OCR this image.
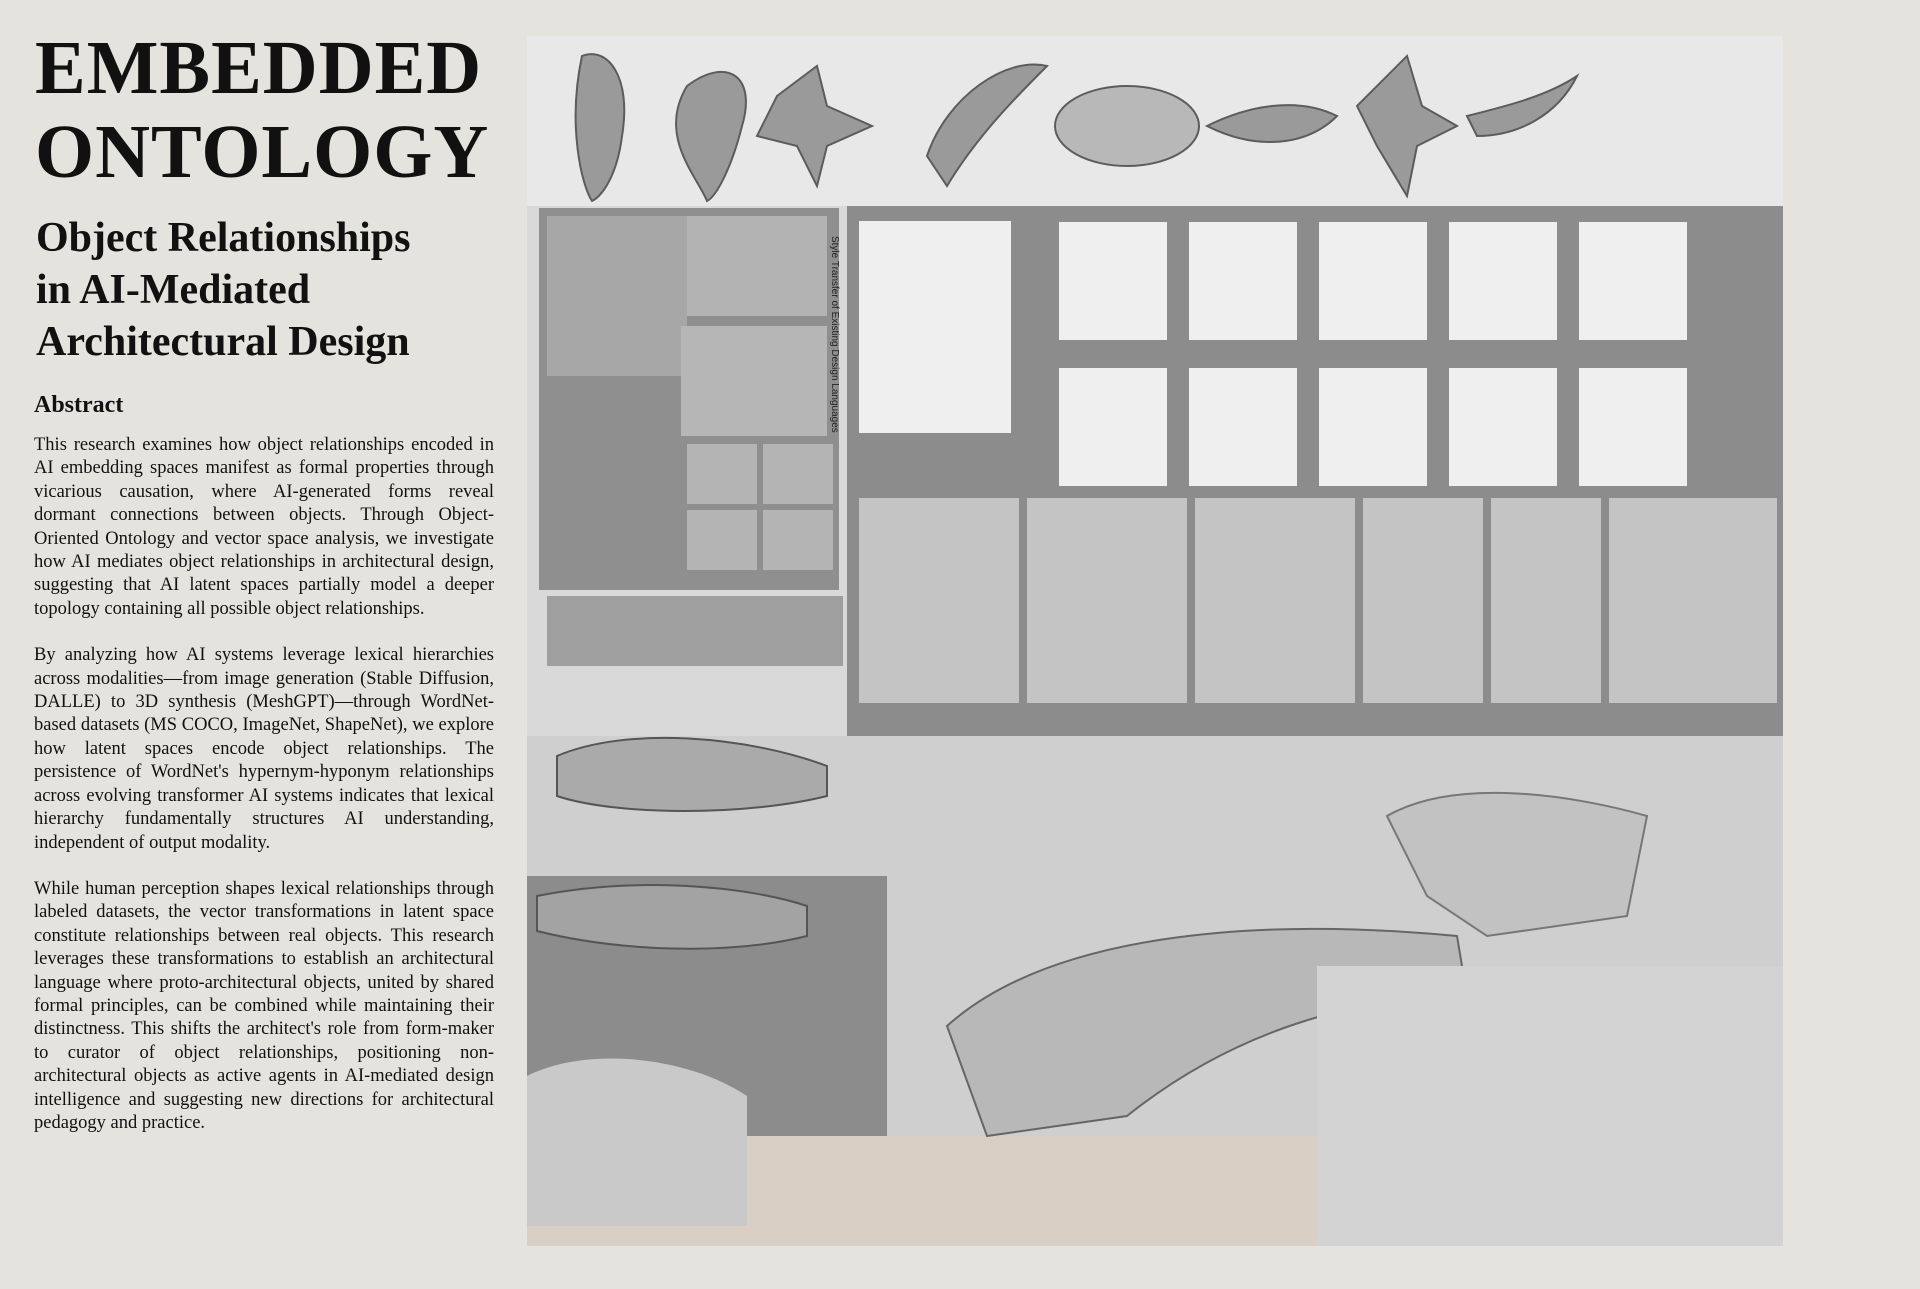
EMBEDDED
ONTOLOGY
Object Relationships
in AI-Mediated
Architectural Design
Abstract

This research examines how object relationships encoded in AI embedding spaces manifest as formal properties through vicarious causation, where AI-generated forms reveal dormant connections between objects. Through Object-Oriented Ontology and vector space analysis, we investigate how AI mediates object relationships in architectural design, suggesting that AI latent spaces partially model a deeper topology containing all possible object relationships.

By analyzing how AI systems leverage lexical hierarchies across modalities—from image generation (Stable Diffusion, DALLE) to 3D synthesis (MeshGPT)—through WordNet-based datasets (MS COCO, ImageNet, ShapeNet), we explore how latent spaces encode object relationships. The persistence of WordNet's hypernym-hyponym relationships across evolving transformer AI systems indicates that lexical hierarchy fundamentally structures AI understanding, independent of output modality.

While human perception shapes lexical relationships through labeled datasets, the vector transformations in latent space constitute relationships between real objects. This research leverages these transformations to establish an architectural language where proto-architectural objects, united by shared formal principles, can be combined while maintaining their distinctness. This shifts the architect's role from form-maker to curator of object relationships, positioning non-architectural objects as active agents in AI-mediated design intelligence and suggesting new directions for architectural pedagogy and practice.

Style Transfer of Existing Design Languages
